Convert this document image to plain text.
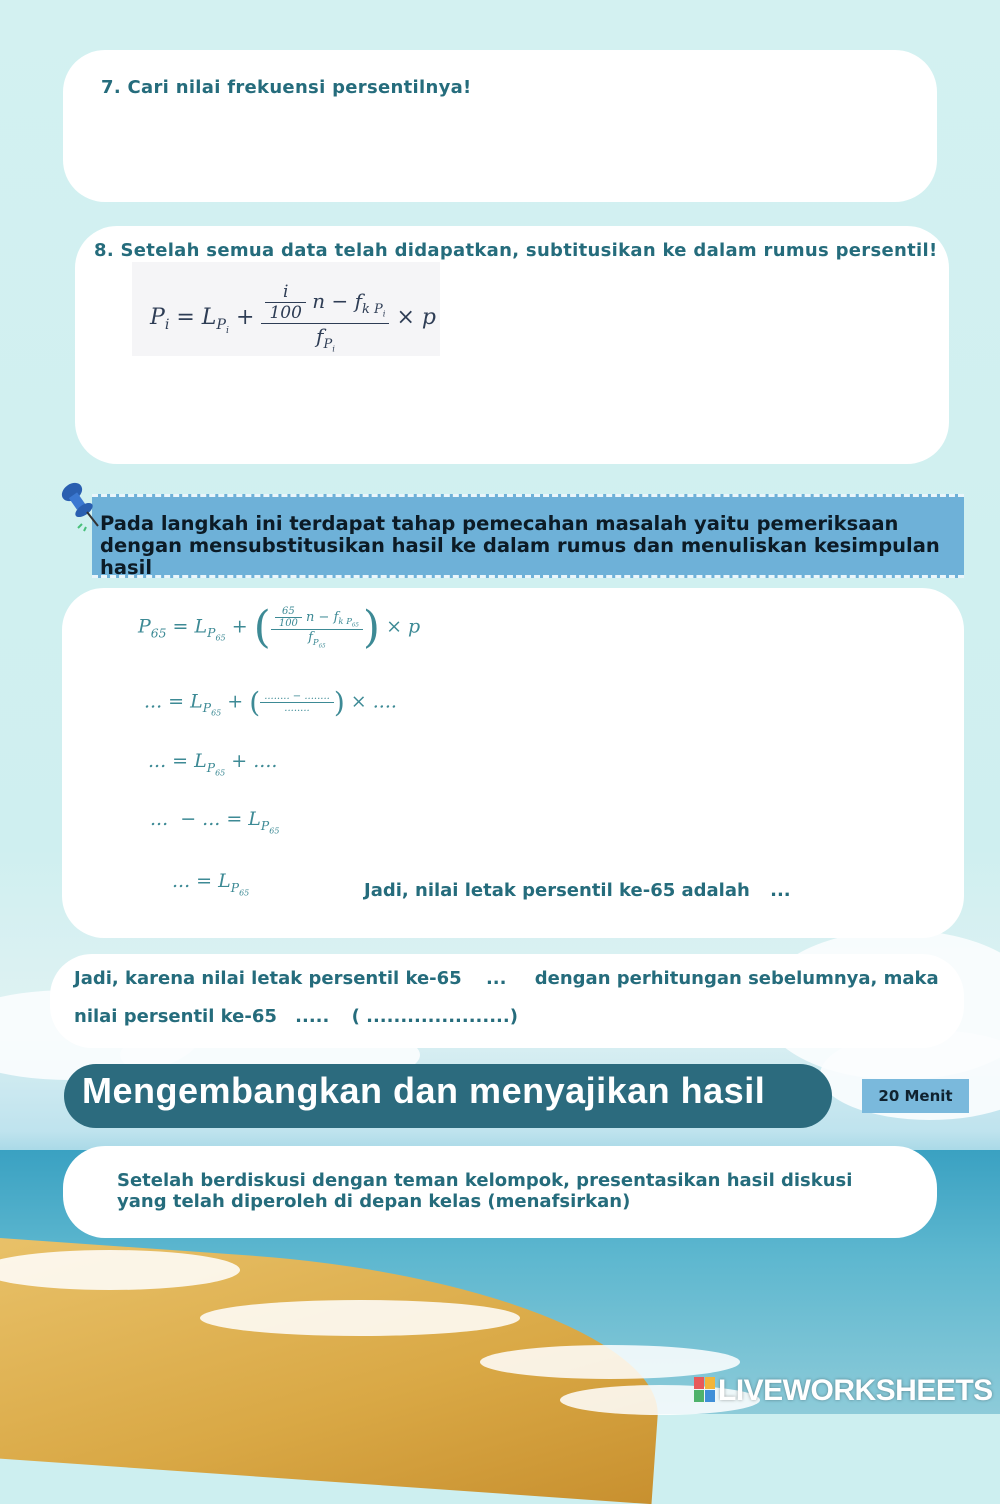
7. Cari nilai frekuensi persentilnya!
8. Setelah semua data telah didapatkan, subtitusikan ke dalam rumus persentil!
$P_i = L_{P_i} + \frac{\frac{i}{100} n - f_{k P_i}}{f_{P_i}} \times p$
Pada langkah ini terdapat tahap pemecahan masalah yaitu pemeriksaan dengan mensubstitusikan hasil ke dalam rumus dan menuliskan kesimpulan hasil
$P_{65} = L_{P_{65}}$ + ( $\frac{\frac{65}{100} n - f_{k P_{65}}}{f_{P_{65}}}$ ) × p
... = $L_{P_{65}}$ + ( $\frac{........ - ........}{........}$ ) × ....
... = $L_{P_{65}}$ + ....
...  − ... = $L_{P_{65}}$
... = $L_{P_{65}}$	Jadi, nilai letak persentil ke-65 adalah ...
Jadi, karena nilai letak persentil ke-65 ... dengan perhitungan sebelumnya, maka
nilai persentil ke-65 ..... ( .....................)
Mengembangkan dan menyajikan hasil	20 Menit
Setelah berdiskusi dengan teman kelompok, presentasikan hasil diskusi yang telah diperoleh di depan kelas (menafsirkan)
LIVEWORKSHEETS
